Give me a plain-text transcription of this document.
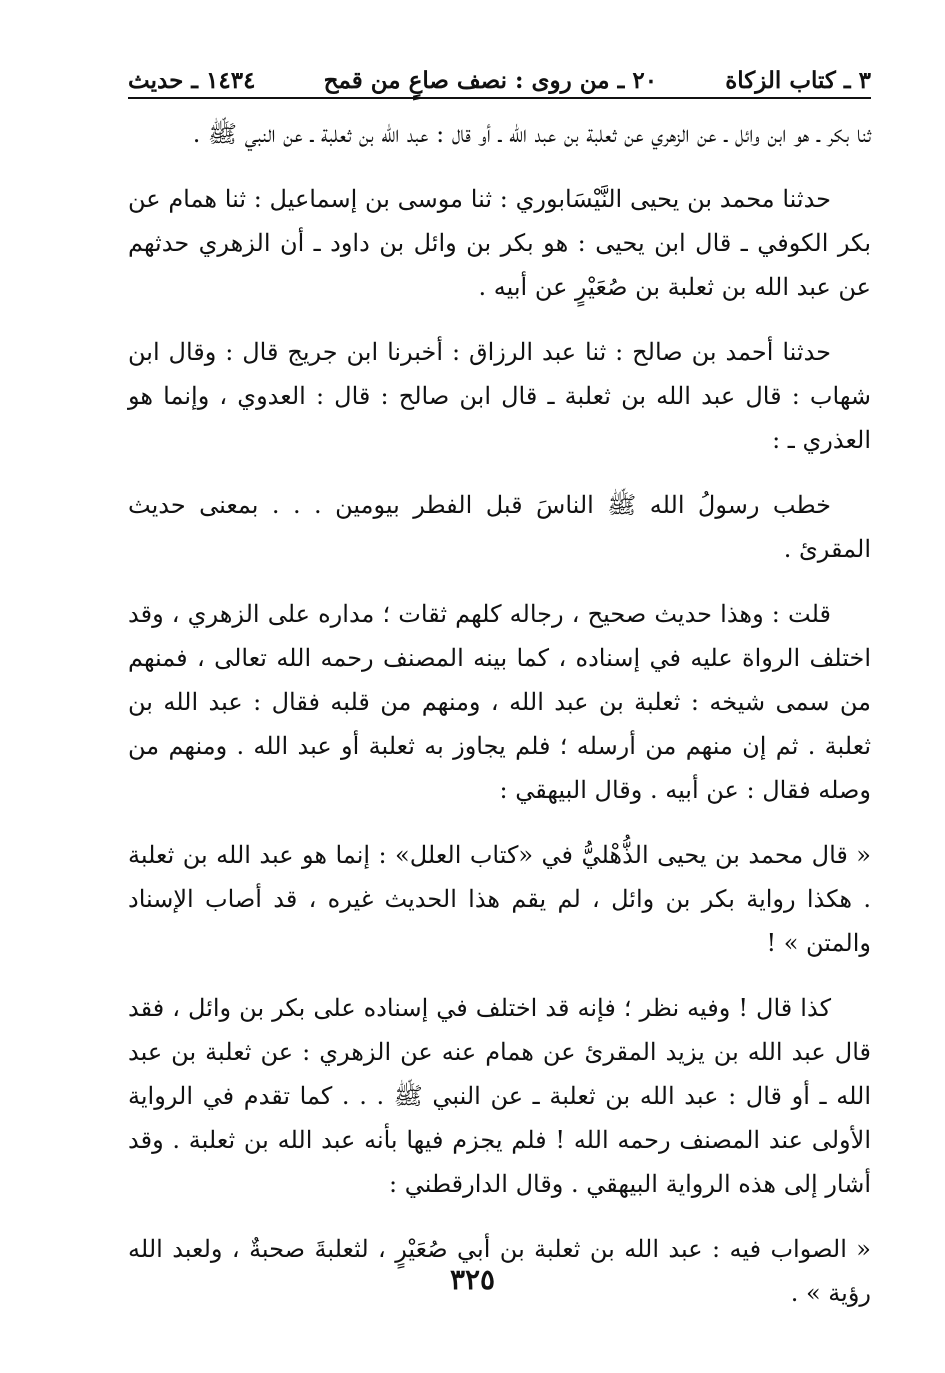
٣ ـ كتاب الزكاة
٢٠ ـ من روى : نصف صاعٍ من قمح
١٤٣٤ ـ حديث

ثنا بكر ـ هو ابن وائل ـ عن الزهري عن ثعلبة بن عبد الله ـ أو قال : عبد الله بن ثعلبة ـ عن النبي ﷺ .

حدثنا محمد بن يحيى النَّيْسَابوري : ثنا موسى بن إسماعيل : ثنا همام عن بكر الكوفي ـ قال ابن يحيى : هو بكر بن وائل بن داود ـ أن الزهري حدثهم عن عبد الله بن ثعلبة بن صُعَيْرٍ عن أبيه .

حدثنا أحمد بن صالح : ثنا عبد الرزاق : أخبرنا ابن جريج قال : وقال ابن شهاب : قال عبد الله بن ثعلبة ـ قال ابن صالح : قال : العدوي ، وإنما هو العذري ـ :

خطب رسولُ الله ﷺ الناسَ قبل الفطر بيومين . . . بمعنى حديث المقرئ .

قلت : وهذا حديث صحيح ، رجاله كلهم ثقات ؛ مداره على الزهري ، وقد اختلف الرواة عليه في إسناده ، كما بينه المصنف رحمه الله تعالى ، فمنهم من سمى شيخه : ثعلبة بن عبد الله ، ومنهم من قلبه فقال : عبد الله بن ثعلبة . ثم إن منهم من أرسله ؛ فلم يجاوز به ثعلبة أو عبد الله . ومنهم من وصله فقال : عن أبيه . وقال البيهقي :

« قال محمد بن يحيى الذُّهْليُّ في «كتاب العلل» : إنما هو عبد الله بن ثعلبة . هكذا رواية بكر بن وائل ، لم يقم هذا الحديث غيره ، قد أصاب الإسناد والمتن » !

كذا قال ! وفيه نظر ؛ فإنه قد اختلف في إسناده على بكر بن وائل ، فقد قال عبد الله بن يزيد المقرئ عن همام عنه عن الزهري : عن ثعلبة بن عبد الله ـ أو قال : عبد الله بن ثعلبة ـ عن النبي ﷺ . . . كما تقدم في الرواية الأولى عند المصنف رحمه الله ! فلم يجزم فيها بأنه عبد الله بن ثعلبة . وقد أشار إلى هذه الرواية البيهقي . وقال الدارقطني :

« الصواب فيه : عبد الله بن ثعلبة بن أبي صُعَيْرٍ ، لثعلبةَ صحبةٌ ، ولعبد الله رؤية » .

٣٢٥
